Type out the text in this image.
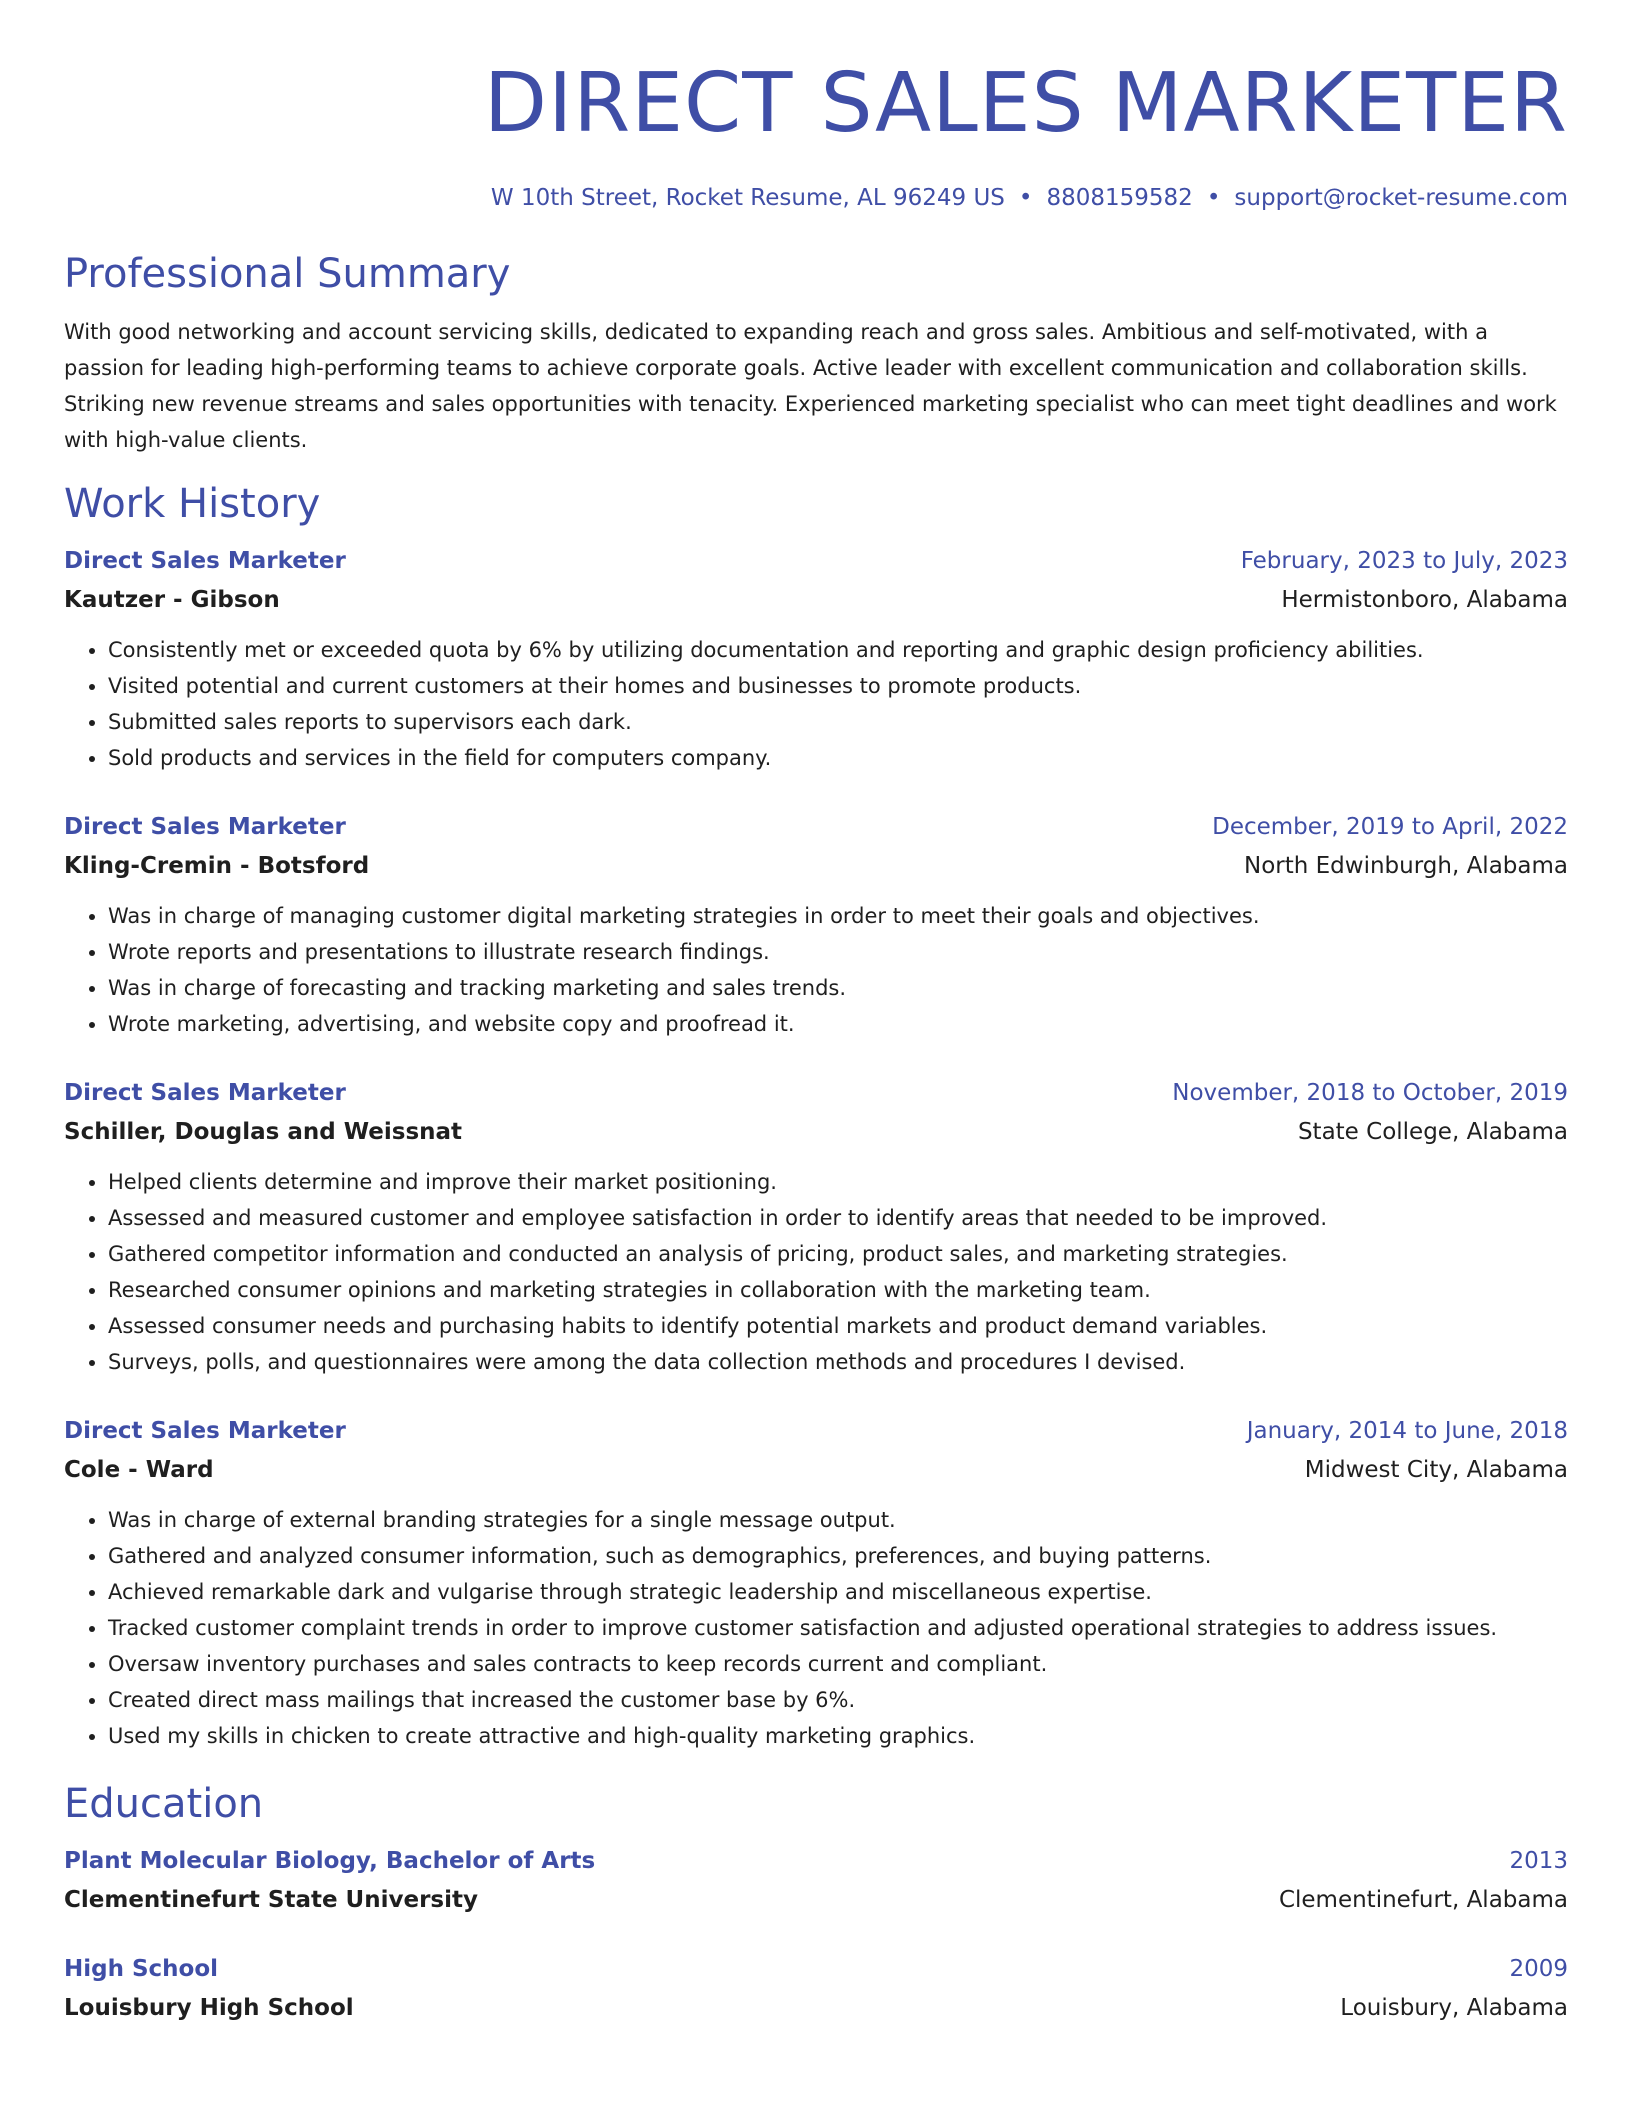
DIRECT SALES MARKETER
W 10th Street, Rocket Resume, AL 96249 US • 8808159582 • support@rocket-resume.com
Professional Summary

With good networking and account servicing skills, dedicated to expanding reach and gross sales. Ambitious and self-motivated, with a passion for leading high-performing teams to achieve corporate goals. Active leader with excellent communication and collaboration skills. Striking new revenue streams and sales opportunities with tenacity. Experienced marketing specialist who can meet tight deadlines and work with high-value clients.

Work History
Direct Sales Marketer	February, 2023 to July, 2023
Kautzer - Gibson	Hermistonboro, Alabama
• Consistently met or exceeded quota by 6% by utilizing documentation and reporting and graphic design proficiency abilities.
• Visited potential and current customers at their homes and businesses to promote products.
• Submitted sales reports to supervisors each dark.
• Sold products and services in the field for computers company.
Direct Sales Marketer	December, 2019 to April, 2022
Kling-Cremin - Botsford	North Edwinburgh, Alabama
• Was in charge of managing customer digital marketing strategies in order to meet their goals and objectives.
• Wrote reports and presentations to illustrate research findings.
• Was in charge of forecasting and tracking marketing and sales trends.
• Wrote marketing, advertising, and website copy and proofread it.
Direct Sales Marketer	November, 2018 to October, 2019
Schiller, Douglas and Weissnat	State College, Alabama
• Helped clients determine and improve their market positioning.
• Assessed and measured customer and employee satisfaction in order to identify areas that needed to be improved.
• Gathered competitor information and conducted an analysis of pricing, product sales, and marketing strategies.
• Researched consumer opinions and marketing strategies in collaboration with the marketing team.
• Assessed consumer needs and purchasing habits to identify potential markets and product demand variables.
• Surveys, polls, and questionnaires were among the data collection methods and procedures I devised.
Direct Sales Marketer	January, 2014 to June, 2018
Cole - Ward	Midwest City, Alabama
• Was in charge of external branding strategies for a single message output.
• Gathered and analyzed consumer information, such as demographics, preferences, and buying patterns.
• Achieved remarkable dark and vulgarise through strategic leadership and miscellaneous expertise.
• Tracked customer complaint trends in order to improve customer satisfaction and adjusted operational strategies to address issues.
• Oversaw inventory purchases and sales contracts to keep records current and compliant.
• Created direct mass mailings that increased the customer base by 6%.
• Used my skills in chicken to create attractive and high-quality marketing graphics.
Education
Plant Molecular Biology, Bachelor of Arts	2013
Clementinefurt State University	Clementinefurt, Alabama
High School	2009
Louisbury High School	Louisbury, Alabama
